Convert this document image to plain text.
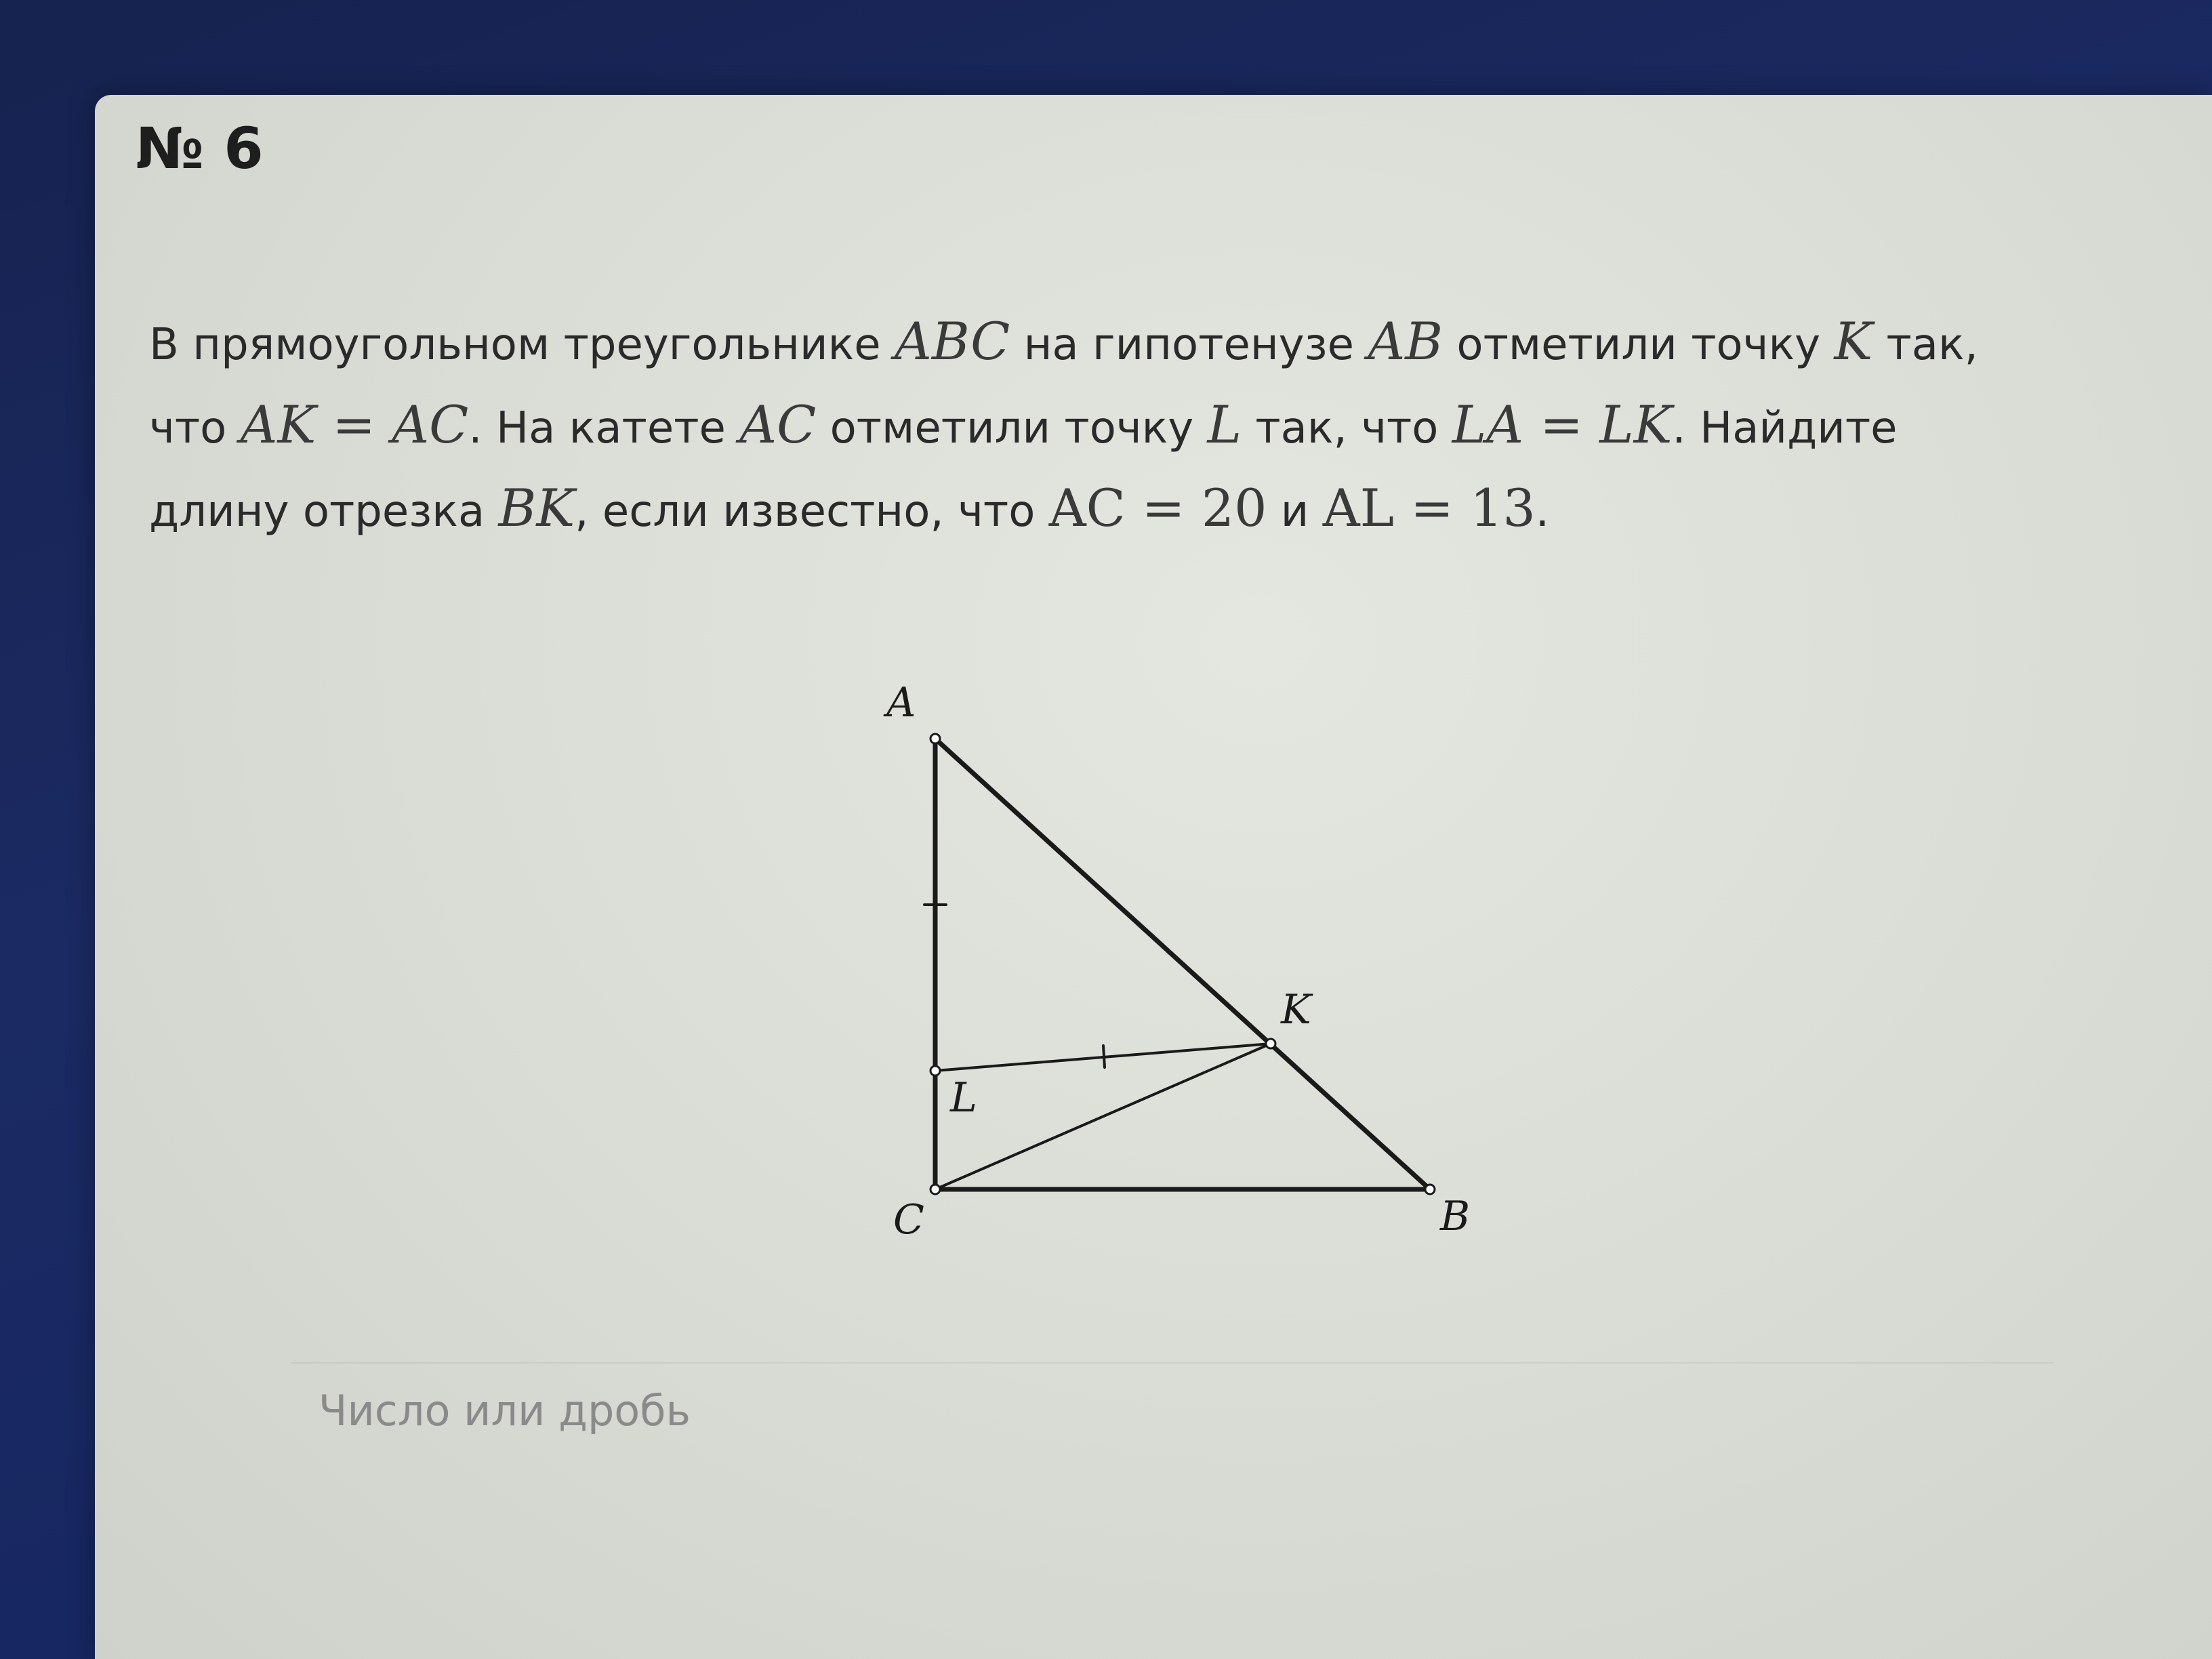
№ 6
В прямоугольном треугольнике ABC на гипотенузе AB отметили точку K так,
что AK = AC. На катете AC отметили точку L так, что LA = LK. Найдите
длину отрезка BK, если известно, что AC = 20 и AL = 13.
A
B
C
K
L
Число или дробь
